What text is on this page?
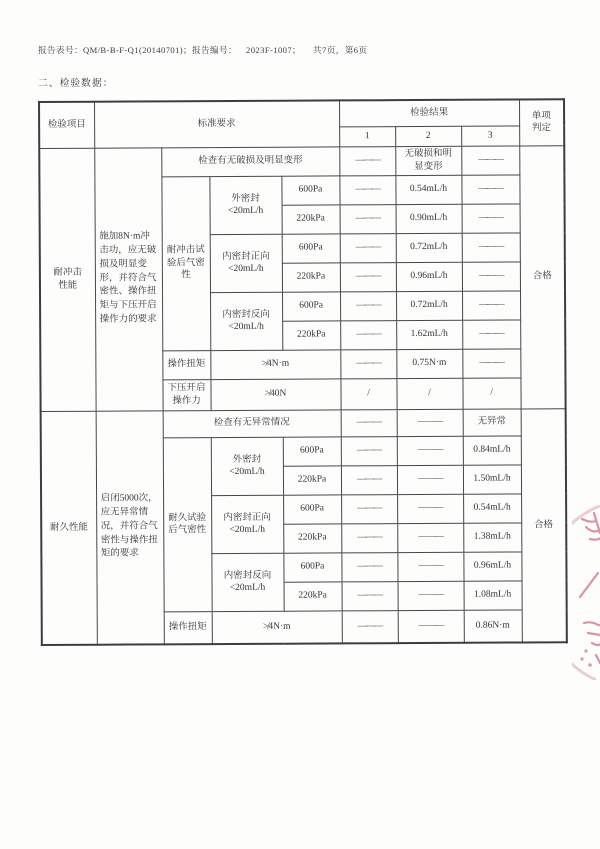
报告表号：QM/B-B-F-Q1(20140701)；报告编号： 2023F-1007； 共7页，第6页
二、检验数据：
检验项目	标准要求				检验结果			单项判定
					1	2	3	
耐冲击性能	施加8N·m冲击功，应无破损及明显变形，并符合气密性、操作扭矩与下压开启操作力的要求	检查有无破损及明显变形			———	无破损和明显变形	———	合格
		耐冲击试验后气密性	外密封
<20mL/h	600Pa	———	0.54mL/h	———	
				220kPa	———	0.90mL/h	———	

			内密封正向
<20mL/h	600Pa	———	0.72mL/h	———	
				220kPa	———	0.96mL/h	———	

			内密封反向
<20mL/h	600Pa	———	0.72mL/h	———	
				220kPa	———	1.62mL/h	———	
		操作扭矩	≯4N·m		———	0.75N·m	———	
		下压开启操作力	≯40N		/	/	/	
耐久性能	启闭5000次，应无异常情况，并符合气密性与操作扭矩的要求	检查有无异常情况			———	———	无异常	合格
		耐久试验后气密性	外密封
<20mL/h	600Pa	———	———	0.84mL/h	
				220kPa	———	———	1.50mL/h	

			内密封正向
<20mL/h	600Pa	———	———	0.54mL/h	
				220kPa	———	———	1.38mL/h	

			内密封反向
<20mL/h	600Pa	———	———	0.96mL/h	
				220kPa	———	———	1.08mL/h	
		操作扭矩	≯4N·m		———	———	0.86N·m	
